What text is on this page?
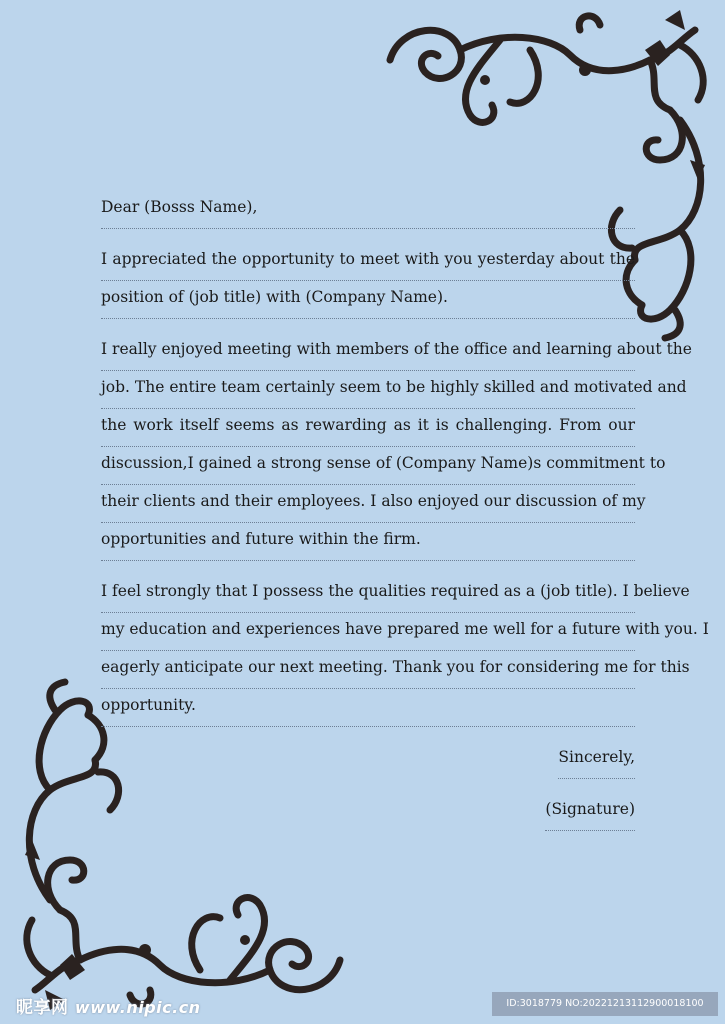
Dear (Bosss Name),
I appreciated the opportunity to meet with you yesterday about the
position of (job title) with (Company Name).
I really enjoyed meeting with members of the office and learning about the
job. The entire team certainly seem to be highly skilled and motivated and
the work itself seems as rewarding as it is challenging. From our
discussion,I gained a strong sense of (Company Name)s commitment to
their clients and their employees. I also enjoyed our discussion of my
opportunities and future within the firm.
I feel strongly that I possess the qualities required as a (job title). I believe
my education and experiences have prepared me well for a future with you. I
eagerly anticipate our next meeting. Thank you for considering me for this
opportunity.
Sincerely,

(Signature)
昵享网 www.nipic.cn	ID:3018779 NO:20221213112900018100
